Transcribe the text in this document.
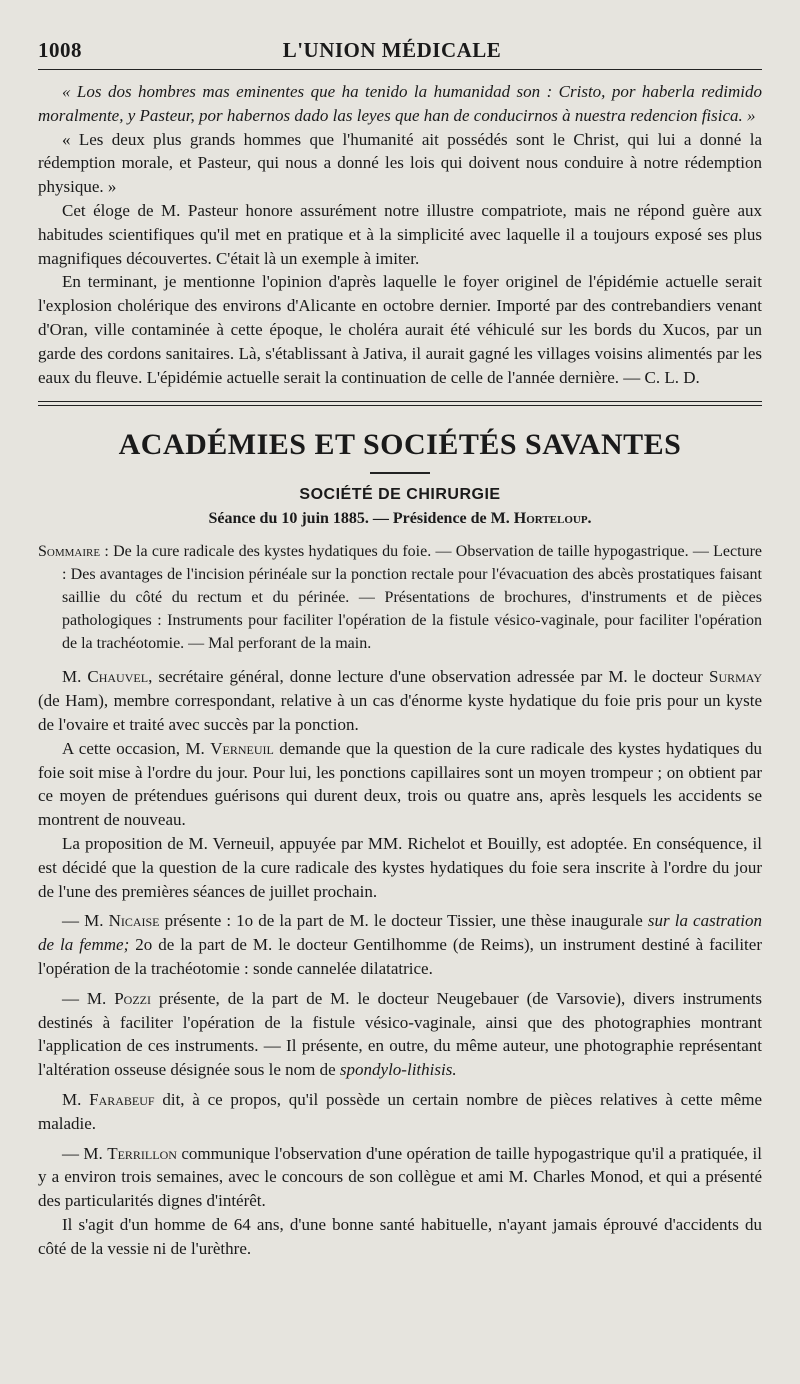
1008	L'UNION MÉDICALE

« Los dos hombres mas eminentes que ha tenido la humanidad son : Cristo, por haberla redimido moralmente, y Pasteur, por habernos dado las leyes que han de conducirnos à nuestra redencion fisica. »

« Les deux plus grands hommes que l'humanité ait possédés sont le Christ, qui lui a donné la rédemption morale, et Pasteur, qui nous a donné les lois qui doivent nous conduire à notre rédemption physique. »

Cet éloge de M. Pasteur honore assurément notre illustre compatriote, mais ne répond guère aux habitudes scientifiques qu'il met en pratique et à la simplicité avec laquelle il a toujours exposé ses plus magnifiques découvertes. C'était là un exemple à imiter.

En terminant, je mentionne l'opinion d'après laquelle le foyer originel de l'épidémie actuelle serait l'explosion cholérique des environs d'Alicante en octobre dernier. Importé par des contrebandiers venant d'Oran, ville contaminée à cette époque, le choléra aurait été véhiculé sur les bords du Xucos, par un garde des cordons sanitaires. Là, s'établissant à Jativa, il aurait gagné les villages voisins alimentés par les eaux du fleuve. L'épidémie actuelle serait la continuation de celle de l'année dernière. — C. L. D.

ACADÉMIES ET SOCIÉTÉS SAVANTES
SOCIÉTÉ DE CHIRURGIE
Séance du 10 juin 1885. — Présidence de M. Horteloup.

Sommaire : De la cure radicale des kystes hydatiques du foie. — Observation de taille hypogastrique. — Lecture : Des avantages de l'incision périnéale sur la ponction rectale pour l'évacuation des abcès prostatiques faisant saillie du côté du rectum et du périnée. — Présentations de brochures, d'instruments et de pièces pathologiques : Instruments pour faciliter l'opération de la fistule vésico-vaginale, pour faciliter l'opération de la trachéotomie. — Mal perforant de la main.

M. Chauvel, secrétaire général, donne lecture d'une observation adressée par M. le docteur Surmay (de Ham), membre correspondant, relative à un cas d'énorme kyste hydatique du foie pris pour un kyste de l'ovaire et traité avec succès par la ponction.

A cette occasion, M. Verneuil demande que la question de la cure radicale des kystes hydatiques du foie soit mise à l'ordre du jour. Pour lui, les ponctions capillaires sont un moyen trompeur ; on obtient par ce moyen de prétendues guérisons qui durent deux, trois ou quatre ans, après lesquels les accidents se montrent de nouveau.

La proposition de M. Verneuil, appuyée par MM. Richelot et Bouilly, est adoptée. En conséquence, il est décidé que la question de la cure radicale des kystes hydatiques du foie sera inscrite à l'ordre du jour de l'une des premières séances de juillet prochain.

— M. Nicaise présente : 1o de la part de M. le docteur Tissier, une thèse inaugurale sur la castration de la femme; 2o de la part de M. le docteur Gentilhomme (de Reims), un instrument destiné à faciliter l'opération de la trachéotomie : sonde cannelée dilatatrice.

— M. Pozzi présente, de la part de M. le docteur Neugebauer (de Varsovie), divers instruments destinés à faciliter l'opération de la fistule vésico-vaginale, ainsi que des photographies montrant l'application de ces instruments. — Il présente, en outre, du même auteur, une photographie représentant l'altération osseuse désignée sous le nom de spondylo-lithisis.

M. Farabeuf dit, à ce propos, qu'il possède un certain nombre de pièces relatives à cette même maladie.

— M. Terrillon communique l'observation d'une opération de taille hypogastrique qu'il a pratiquée, il y a environ trois semaines, avec le concours de son collègue et ami M. Charles Monod, et qui a présenté des particularités dignes d'intérêt.

Il s'agit d'un homme de 64 ans, d'une bonne santé habituelle, n'ayant jamais éprouvé d'accidents du côté de la vessie ni de l'urèthre.
